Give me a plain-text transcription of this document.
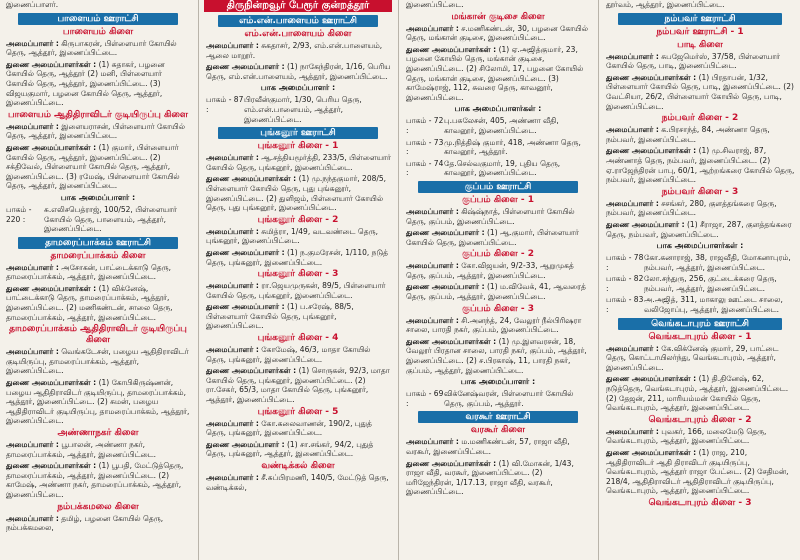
இணைப்பாளர்.
பாளையம் ஊராட்சி
பாளையம் கிளை
அமைப்பாளர் : கிருபாகரன், பிள்ளையார் கோயில் தெரு, ஆத்தூர், இணைப்பிட்டை.
துணை அமைப்பாளர்கள் : (1) சுதாகர், பழனை கோயில் தெரு, ஆத்தூர் (2) மனி, பிள்ளையார் கோயில் தெரு, ஆத்தூர், இணைப்பிட்டை. (3) விஜயகுமார், பழனை கோயில் தெரு, ஆத்தூர், இணைப்பிட்டை.
பாளையம் ஆதிதிராவிடர் குடியிருப்பு கிளை
அமைப்பாளர் : இளையராசன், பிள்ளையார் கோயில் தெரு, ஆத்தூர், இணைப்பிட்டை.
துணை அமைப்பாளர்கள் : (1) குமார், பிள்ளையார் கோயில் தெரு, ஆத்தூர், இணைப்பிட்டை. (2) சக்திவேல், பிள்ளையார் கோயில் தெரு, ஆத்தூர், இணைப்பிட்டை. (3) ரமேஷ், பிள்ளையார் கோயில் தெரு, ஆத்தூர், இணைப்பிட்டை.
பாக அமைப்பாளர் :
பாகம் - 220 :
சு.எலிசபெத்ராஜ், 100/52, பிள்ளையார் கோயில் தெரு, பாளையம், ஆத்தூர், இணைப்பிட்டை.
தாமரைப்பாக்கம் ஊராட்சி
தாமரைப்பாக்கம் கிளை
அமைப்பாளர் : அசோகன், பாட்டைக்காடு தெரு, தாமரைப்பாக்கம், ஆத்தூர், இணைப்பிட்டை.
துணை அமைப்பாளர்கள் : (1) விக்னேஷ், பாட்டைக்காடு தெரு, தாமரைப்பாக்கம், ஆத்தூர், இணைப்பிட்டை. (2) மணிகண்டன், சாலை தெரு, தாமரைப்பாக்கம், ஆத்தூர், இணைப்பிட்டை.
தாமரைப்பாக்கம் ஆதிதிராவிடர் குடியிருப்பு கிளை
அமைப்பாளர் : வெங்கடேசன், பழைய ஆதிதிராவிடர் குடியிருப்பு, தாமரைப்பாக்கம், ஆத்தூர், இணைப்பிட்டை.
துணை அமைப்பாளர்கள் : (1) கோபிகிருஷ்ணன், பழைய ஆதிதிராவிடர் குடியிருப்பு, தாமரைப்பாக்கம், ஆத்தூர், இணைப்பிட்டை. (2) சுமன், பழைய ஆதிதிராவிடர் குடியிருப்பு, தாமரைப்பாக்கம், ஆத்தூர், இணைப்பிட்டை.
அண்ணாநகர் கிளை
அமைப்பாளர் : பூபாலன், அண்ணா நகர், தாமரைப்பாக்கம், ஆத்தூர், இணைப்பிட்டை.
துணை அமைப்பாளர்கள் : (1) பூபதி, மேட்டுத்தெரு, தாமரைப்பாக்கம், ஆத்தூர், இணைப்பிட்டை. (2) காமேஷ், அண்ணா நகர், தாமரைப்பாக்கம், ஆத்தூர், இணைப்பிட்டை.
நம்பக்கமலை கிளை
அமைப்பாளர் : தமிழ், பழனை கோயில் தெரு, நம்பக்கமலை,
திருநின்றவூர் பேரூர் குன்றத்தூர்
எம்.என்.பாளையம் ஊராட்சி
எம்.என்.பாளையம் கிளை
அமைப்பாளர் : சுகதாசர், 2/93, எம்.என்.பாளையம், ஆலை மாறூர்.
துணை அமைப்பாளர் : (1) நாகேந்திரன், 1/16, பெரிய தெரு, எம்.என்.பாளையம், ஆத்தூர், இணைப்பிட்டை.
பாக அமைப்பாளர் :
பாகம் - 87 :
பிரவீன்குமார், 1/30, பெரிய தெரு, எம்.என்.பாளையம், ஆத்தூர், இணைப்பிட்டை.
புங்கனூர் ஊராட்சி
புங்கனூர் கிளை - 1
அமைப்பாளர் : ஆ.சத்தியமூர்த்தி, 233/5, பிள்ளையார் கோயில் தெரு, புங்கனூர், இணைப்பிட்டை.
துணை அமைப்பாளர்கள் : (1) மு.நந்தகுமார், 208/5, பிள்ளையார் கோயில் தெரு, புது புங்கனூர், இணைப்பிட்டை. (2) துளிஜம், பிள்ளையார் கோயில் தெரு, புது புங்கனூர், இணைப்பிட்டை.
புங்கனூர் கிளை - 2
அமைப்பாளர் : சுமித்ரா, 1/49, வடவண்டை தெரு, புங்கனூர், இணைப்பிட்டை.
துணை அமைப்பாளர் : (1) ந.குமரேசன், 1/110, நடுத் தெரு, புங்கனூர், இணைப்பிட்டை.
புங்கனூர் கிளை - 3
அமைப்பாளர் : ரா.ஜெயமுருகன், 89/5, பிள்ளையார் கோயில் தெரு, புங்கனூர், இணைப்பிட்டை.
துணை அமைப்பாளர் : (1) ப.சரேஷ், 88/5, பிள்ளையார் கோயில் தெரு, புங்கனூர், இணைப்பிட்டை.
புங்கனூர் கிளை - 4
அமைப்பாளர் : கோமேஷ், 46/3, மாதா கோயில் தெரு, புங்கனூர், இணைப்பிட்டை.
துணை அமைப்பாளர்கள் : (1) சொருகன், 92/3, மாதா கோயில் தெரு, புங்கனூர், இணைப்பிட்டை. (2) ரா.சேகர், 65/3, மாதா கோயில் தெரு, புங்கனூர், ஆத்தூர், இணைப்பிட்டை.
புங்கனூர் கிளை - 5
அமைப்பாளர் : கோ.கலைவாணன், 190/2, புதுத் தெரு, புங்கனூர், இணைப்பிட்டை.
துணை அமைப்பாளர் : (1) சா.சங்கர், 94/2, புதுத் தெரு, புங்கனூர், ஆத்தூர், இணைப்பிட்டை.
வண்டிக்கல் கிளை
அமைப்பாளர் : சீ.சுப்பிரமணி, 140/5, மேட்டுத் தெரு, வண்டிக்கல்,
இணைப்பிட்டை.
மங்கான் குடிசை கிளை
அமைப்பாளர் : ச.மணிகண்டன், 30, பழனை கோயில் தெரு, மங்கான் குடிசை, இணைப்பிட்டை.
துணை அமைப்பாளர்கள் : (1) ஏ.அஜித்குமார், 23, பழனை கோயில் தெரு, மங்கான் குடிசை, இணைப்பிட்டை. (2) சிலோமி, 17, பழனை கோயில் தெரு, மங்கான் குடிசை, இணைப்பிட்டை. (3) காமேஷ்ராஜ், 112, சுவரை தெரு, காவனூர், இணைப்பிட்டை.
பாக அமைப்பாளர்கள் :
பாகம் - 72 :
பு.பசுலேசன், 405, அண்ணா வீதி, காவனூர், இணைப்பிட்டை.
பாகம் - 73 :
மு.நித்திஷ் குமார், 418, அண்ணா தெரு, காவனூர், ஆத்தூர்.
பாகம் - 74 :
தே.செல்வகுமார், 19, புதிய தெரு, காவனூர், இணைப்பிட்டை.
குப்பம் ஊராட்சி
குப்பம் கிளை - 1
அமைப்பாளர் : கிஷ்ஷ்நாத், பிள்ளையார் கோயில் தெரு, குப்பம், இணைப்பிட்டை.
துணை அமைப்பாளர் : (1) ஆ.குமார், பிள்ளையார் கோயில் தெரு, இணைப்பிட்டை.
குப்பம் கிளை - 2
அமைப்பாளர் : கோ.விஜயன், 9/2-33, ஆறுமுகத் தெரு, குப்பம், ஆத்தூர், இணைப்பிட்டை.
துணை அமைப்பாளர் : (1) ம.விவேக், 41, ஆவரைத் தெரு, குப்பம், ஆத்தூர், இணைப்பிட்டை.
குப்பம் கிளை - 3
அமைப்பாளர் : சி.அனந்த், 24, வேலூர் நீல்பிரிஷரா சாலை, பாரதி நகர், குப்பம், இணைப்பிட்டை.
துணை அமைப்பாளர்கள் : (1) மு.இளவரசன், 18, வேலூர் பிரதான சாலை, பாரதி நகர், குப்பம், ஆத்தூர், இணைப்பிட்டை. (2) ச.பிரகாஷ், 11, பாரதி நகர், குப்பம், ஆத்தூர், இணைப்பிட்டை.
பாக அமைப்பாளர் :
பாகம் - 69 :
விக்னேஷ்வரன், பிள்ளையார் கோயில் தெரு, குப்பம், ஆத்தூர்.
வரகூர் ஊராட்சி
வரகூர் கிளை
அமைப்பாளர் : ம.மணிகண்டன், 57, ராஜா வீதி, வரகூர், இணைப்பிட்டை.
துணை அமைப்பாளர்கள் : (1) வி.மோகன், 1/43, ராஜா வீதி, வரகூர், இணைப்பிட்டை. (2) மரிஜேந்திரன், 1/17.13, ராஜா வீதி, வரகூர், இணைப்பிட்டை.
தூர்வம், ஆத்தூர், இணைப்பிட்டை.
நம்பவர் ஊராட்சி
நம்பவர் ஊராட்சி - 1
பாடி கிளை
அமைப்பாளர் : சுபஜேமெர்ஸ், 37/58, பிள்ளையார் கோயில் தெரு, பாடி, இணைப்பிட்டை.
துணை அமைப்பாளர்கள் : (1) பிரதாபன், 1/32, பிள்ளையார் கோயில் தெரு, பாடி, இணைப்பிட்டை. (2) வேட்சியா, 26/2, பிள்ளையார் கோயில் தெரு, பாடி, இணைப்பிட்டை.
நம்பவர் கிளை - 2
அமைப்பாளர் : க.பிரசாந்த், 84, அண்ணா தெரு, நம்பவர், இணைப்பிட்டை.
துணை அமைப்பாளர்கள் : (1) மு.சிவராஜ், 87, அண்ணாத் தெரு, நம்பவர், இணைப்பிட்டை. (2) ஏ.ராஜேந்திரன் பாபு, 60/1, ஆற்றங்கரை கோயில் தெரு, நம்பவர், இணைப்பிட்டை.
நம்பவர் கிளை - 3
அமைப்பாளர் : சசங்கர், 280, குளத்தங்கரை தெரு, நம்பவர், இணைப்பிட்டை.
துணை அமைப்பாளர் : (1) சீராஜா, 287, குளத்தங்கரை தெரு, நம்பவர், இணைப்பிட்டை.
பாக அமைப்பாளர்கள் :
பாகம் - 78 :
கோ.கனாராஜ், 38, ராஜவீதி, மோகனாபுரம், நம்பவர், ஆத்தூர், இணைப்பிட்டை.
பாகம் - 82 :
லோ.சந்துரு, 256, குட்டைக்கரை தெரு, நம்பவர், ஆத்தூர், இணைப்பிட்டை.
பாகம் - 83 :
அ.அஜித், 311, மாகாலு ஊட்டை சாலை, வலிஜோப்பு, ஆத்தூர், இணைப்பிட்டை.
வெங்கடாபுரம் ஊராட்சி
வெங்கடாபுரம் கிளை - 1
அமைப்பாளர் : கே.விக்னேஷ் குமார், 29, பாட்டை தெரு, கொட்டாயிலர்ந்து, வெங்கடாபுரம், ஆத்தூர், இணைப்பிட்டை.
துணை அமைப்பாளர்கள் : (1) தி.தினேஷ், 62, நடுத்தெரு, வெங்கடாபுரம், ஆத்தூர், இணைப்பிட்டை. (2) தேஜன், 211, மாரியம்மன் கோயில் தெரு, வெங்கடாபுரம், ஆத்தூர், இணைப்பிட்டை.
வெங்கடாபுரம் கிளை - 2
அமைப்பாளர் : புவகர், 166, மலைமேடு தெரு, வெங்கடாபுரம், ஆத்தூர், இணைப்பிட்டை.
துணை அமைப்பாளர்கள் : (1) ராஜ, 210, ஆதிதிராவிடர் ஆதி திராவிடர் குடியிருப்பு, வெங்கடாபுரம், ஆத்தூர் ராஜா பேட்டை. (2) சேதிமன், 218/4, ஆதிதிராவிடர் ஆதிதிராவிடர் குடியிருப்பு, வெங்கடாபுரம், ஆத்தூர், இணைப்பிட்டை.
வெங்கடாபுரம் கிளை - 3
